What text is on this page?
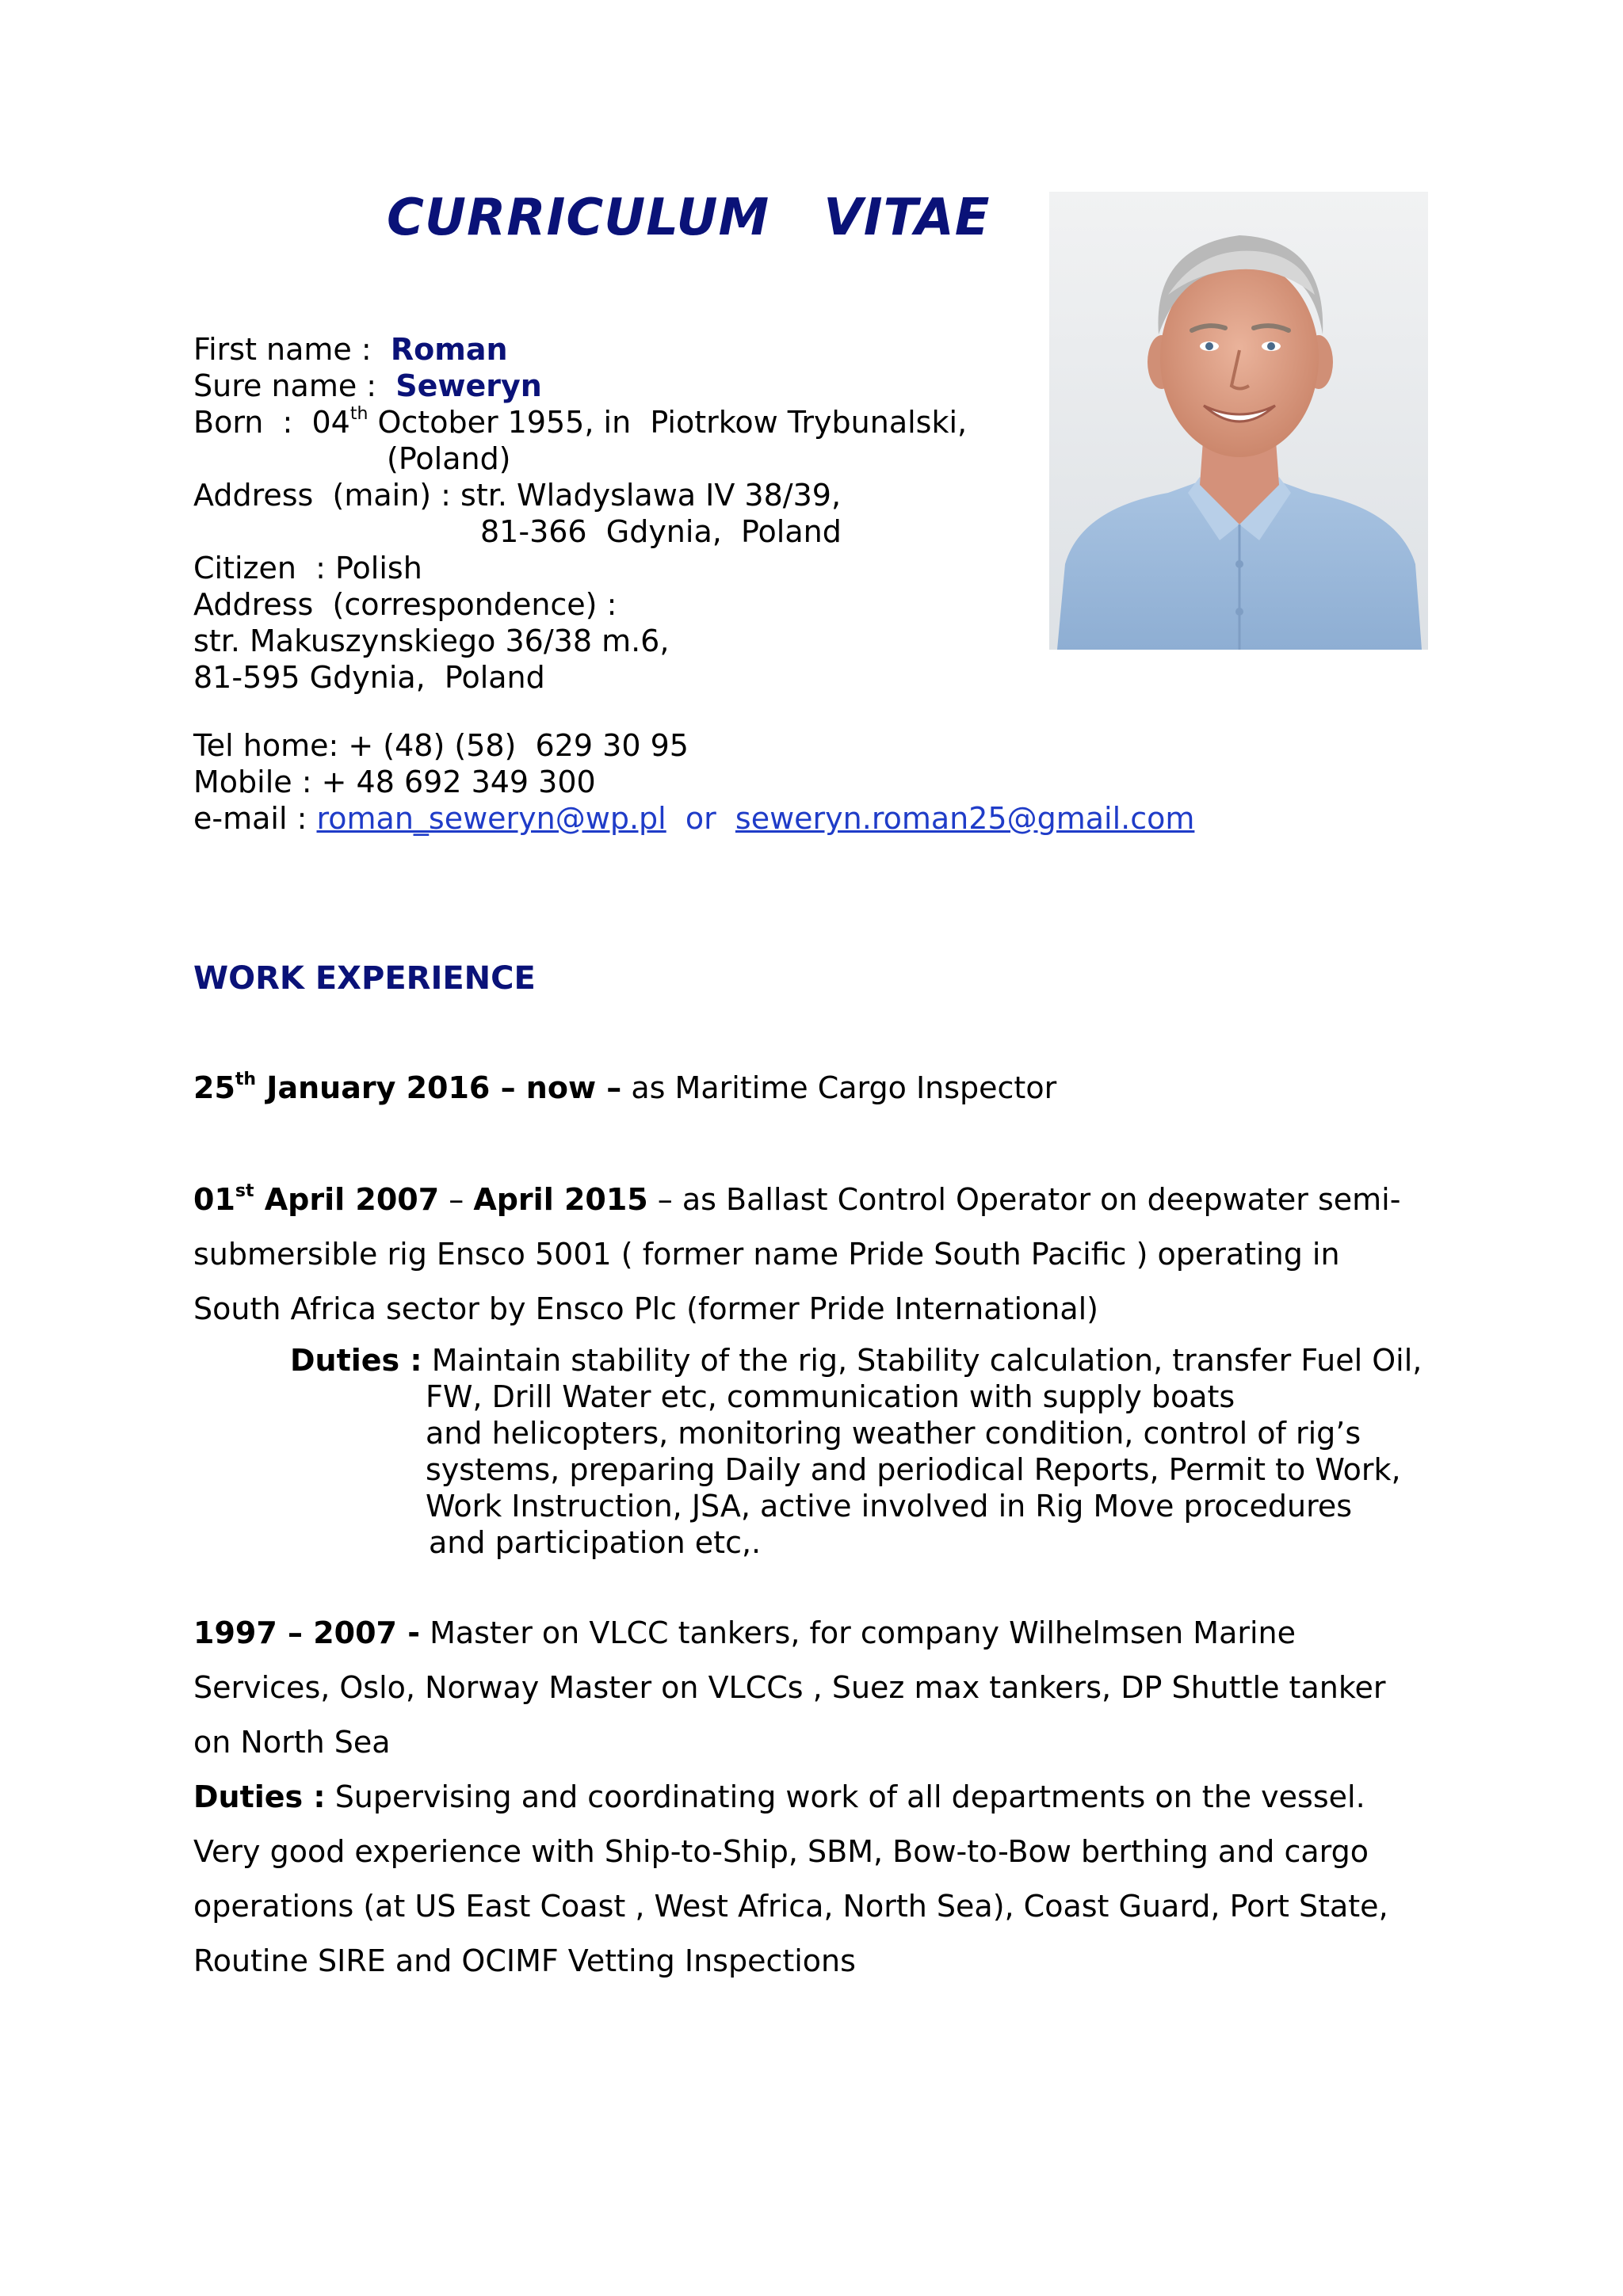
CURRICULUM VITAE
First name : Roman
Sure name : Seweryn
Born  :  04th October 1955, in  Piotrkow Trybunalski,
(Poland)
Address  (main) : str. Wladyslawa IV 38/39,
81-366  Gdynia,  Poland
Citizen  : Polish
Address  (correspondence) :
str. Makuszynskiego 36/38 m.6,
81-595 Gdynia,  Poland
Tel home: + (48) (58)  629 30 95
Mobile : + 48 692 349 300
e-mail : roman_seweryn@wp.pl or seweryn.roman25@gmail.com
WORK EXPERIENCE
25th January 2016 – now – as Maritime Cargo Inspector
01st April 2007 – April 2015 – as Ballast Control Operator on deepwater semi-submersible rig Ensco 5001 ( former name Pride South Pacific ) operating in South Africa sector by Ensco Plc (former Pride International)
Duties : Maintain stability of the rig, Stability calculation, transfer Fuel Oil,
FW, Drill Water etc, communication with supply boats
and helicopters, monitoring weather condition, control of rig’s
systems, preparing Daily and periodical Reports, Permit to Work,
Work Instruction, JSA, active involved in Rig Move procedures
and participation etc,.
1997 – 2007 - Master on VLCC tankers, for company Wilhelmsen Marine Services, Oslo, Norway Master on VLCCs , Suez max tankers, DP Shuttle tanker on North Sea
Duties : Supervising and coordinating work of all departments on the vessel. Very good experience with Ship-to-Ship, SBM, Bow-to-Bow berthing and cargo operations (at US East Coast , West Africa, North Sea), Coast Guard, Port State, Routine SIRE and OCIMF Vetting Inspections
